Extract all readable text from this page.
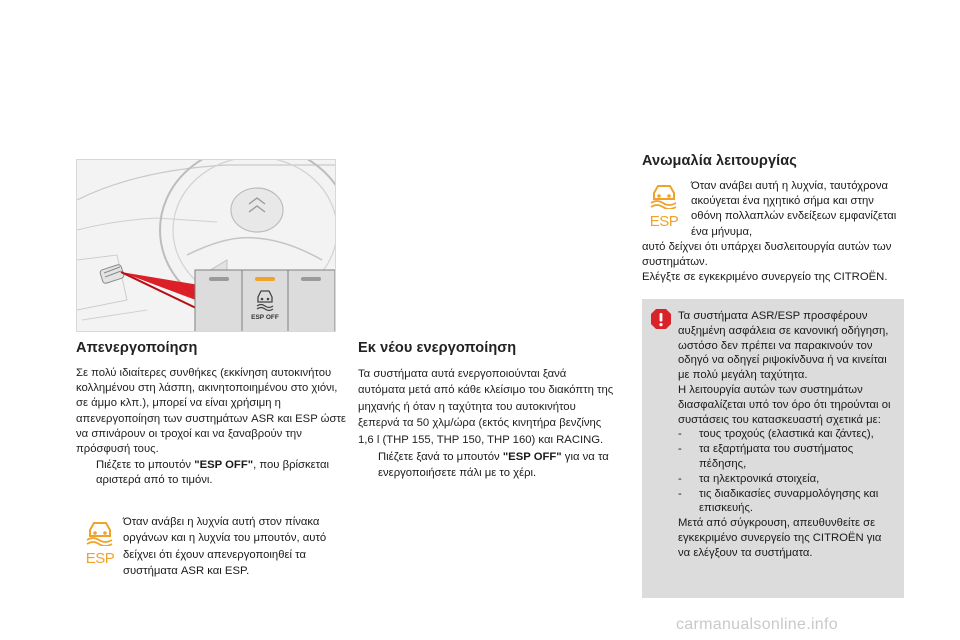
ESP OFF
Απενεργοποίηση

Σε πολύ ιδιαίτερες συνθήκες (εκκίνηση αυτοκινήτου κολλημένου στη λάσπη, ακινητοποιημένου στο χιόνι, σε άμμο κλπ.), μπορεί να είναι χρήσιμη η απενεργοποίηση των συστημάτων ASR και ESP ώστε να σπινάρουν οι τροχοί και να ξαναβρούν την πρόσφυσή τους.

Πιέζετε το μπουτόν "ESP OFF", που βρίσκεται αριστερά από το τιμόνι.
ESP

Όταν ανάβει η λυχνία αυτή στον πίνακα οργάνων και η λυχνία του μπουτόν, αυτό δείχνει ότι έχουν απενεργοποιηθεί τα συστήματα ASR και ESP.

Εκ νέου ενεργοποίηση

Τα συστήματα αυτά ενεργοποιούνται ξανά αυτόματα μετά από κάθε κλείσιμο του διακόπτη της μηχανής ή όταν η ταχύτητα του αυτοκινήτου ξεπερνά τα 50 χλμ/ώρα (εκτός κινητήρα βενζίνης 1,6 l (THP 155, THP 150, THP 160) και RACING.

Πιέζετε ξανά το μπουτόν "ESP OFF" για να τα ενεργοποιήσετε πάλι με το χέρι.
Ανωμαλία λειτουργίας
ESP

Όταν ανάβει αυτή η λυχνία, ταυτόχρονα ακούγεται ένα ηχητικό σήμα και στην οθόνη πολλαπλών ενδείξεων εμφανίζεται ένα μήνυμα,

αυτό δείχνει ότι υπάρχει δυσλειτουργία αυτών των συστημάτων.

Ελέγξτε σε εγκεκριμένο συνεργείο της CITROËN.

Τα συστήματα ASR/ESP προσφέρουν αυξημένη ασφάλεια σε κανονική οδήγηση, ωστόσο δεν πρέπει να παρακινούν τον οδηγό να οδηγεί ριψοκίνδυνα ή να κινείται με πολύ μεγάλη ταχύτητα.

Η λειτουργία αυτών των συστημάτων διασφαλίζεται υπό τον όρο ότι τηρούνται οι συστάσεις του κατασκευαστή σχετικά με:

-	τους τροχούς (ελαστικά και ζάντες),
-	τα εξαρτήματα του συστήματος πέδησης,
-	τα ηλεκτρονικά στοιχεία,
-	τις διαδικασίες συναρμολόγησης και επισκευής.

Μετά από σύγκρουση, απευθυνθείτε σε εγκεκριμένο συνεργείο της CITROËN για να ελέγξουν τα συστήματα.

carmanualsonline.info
